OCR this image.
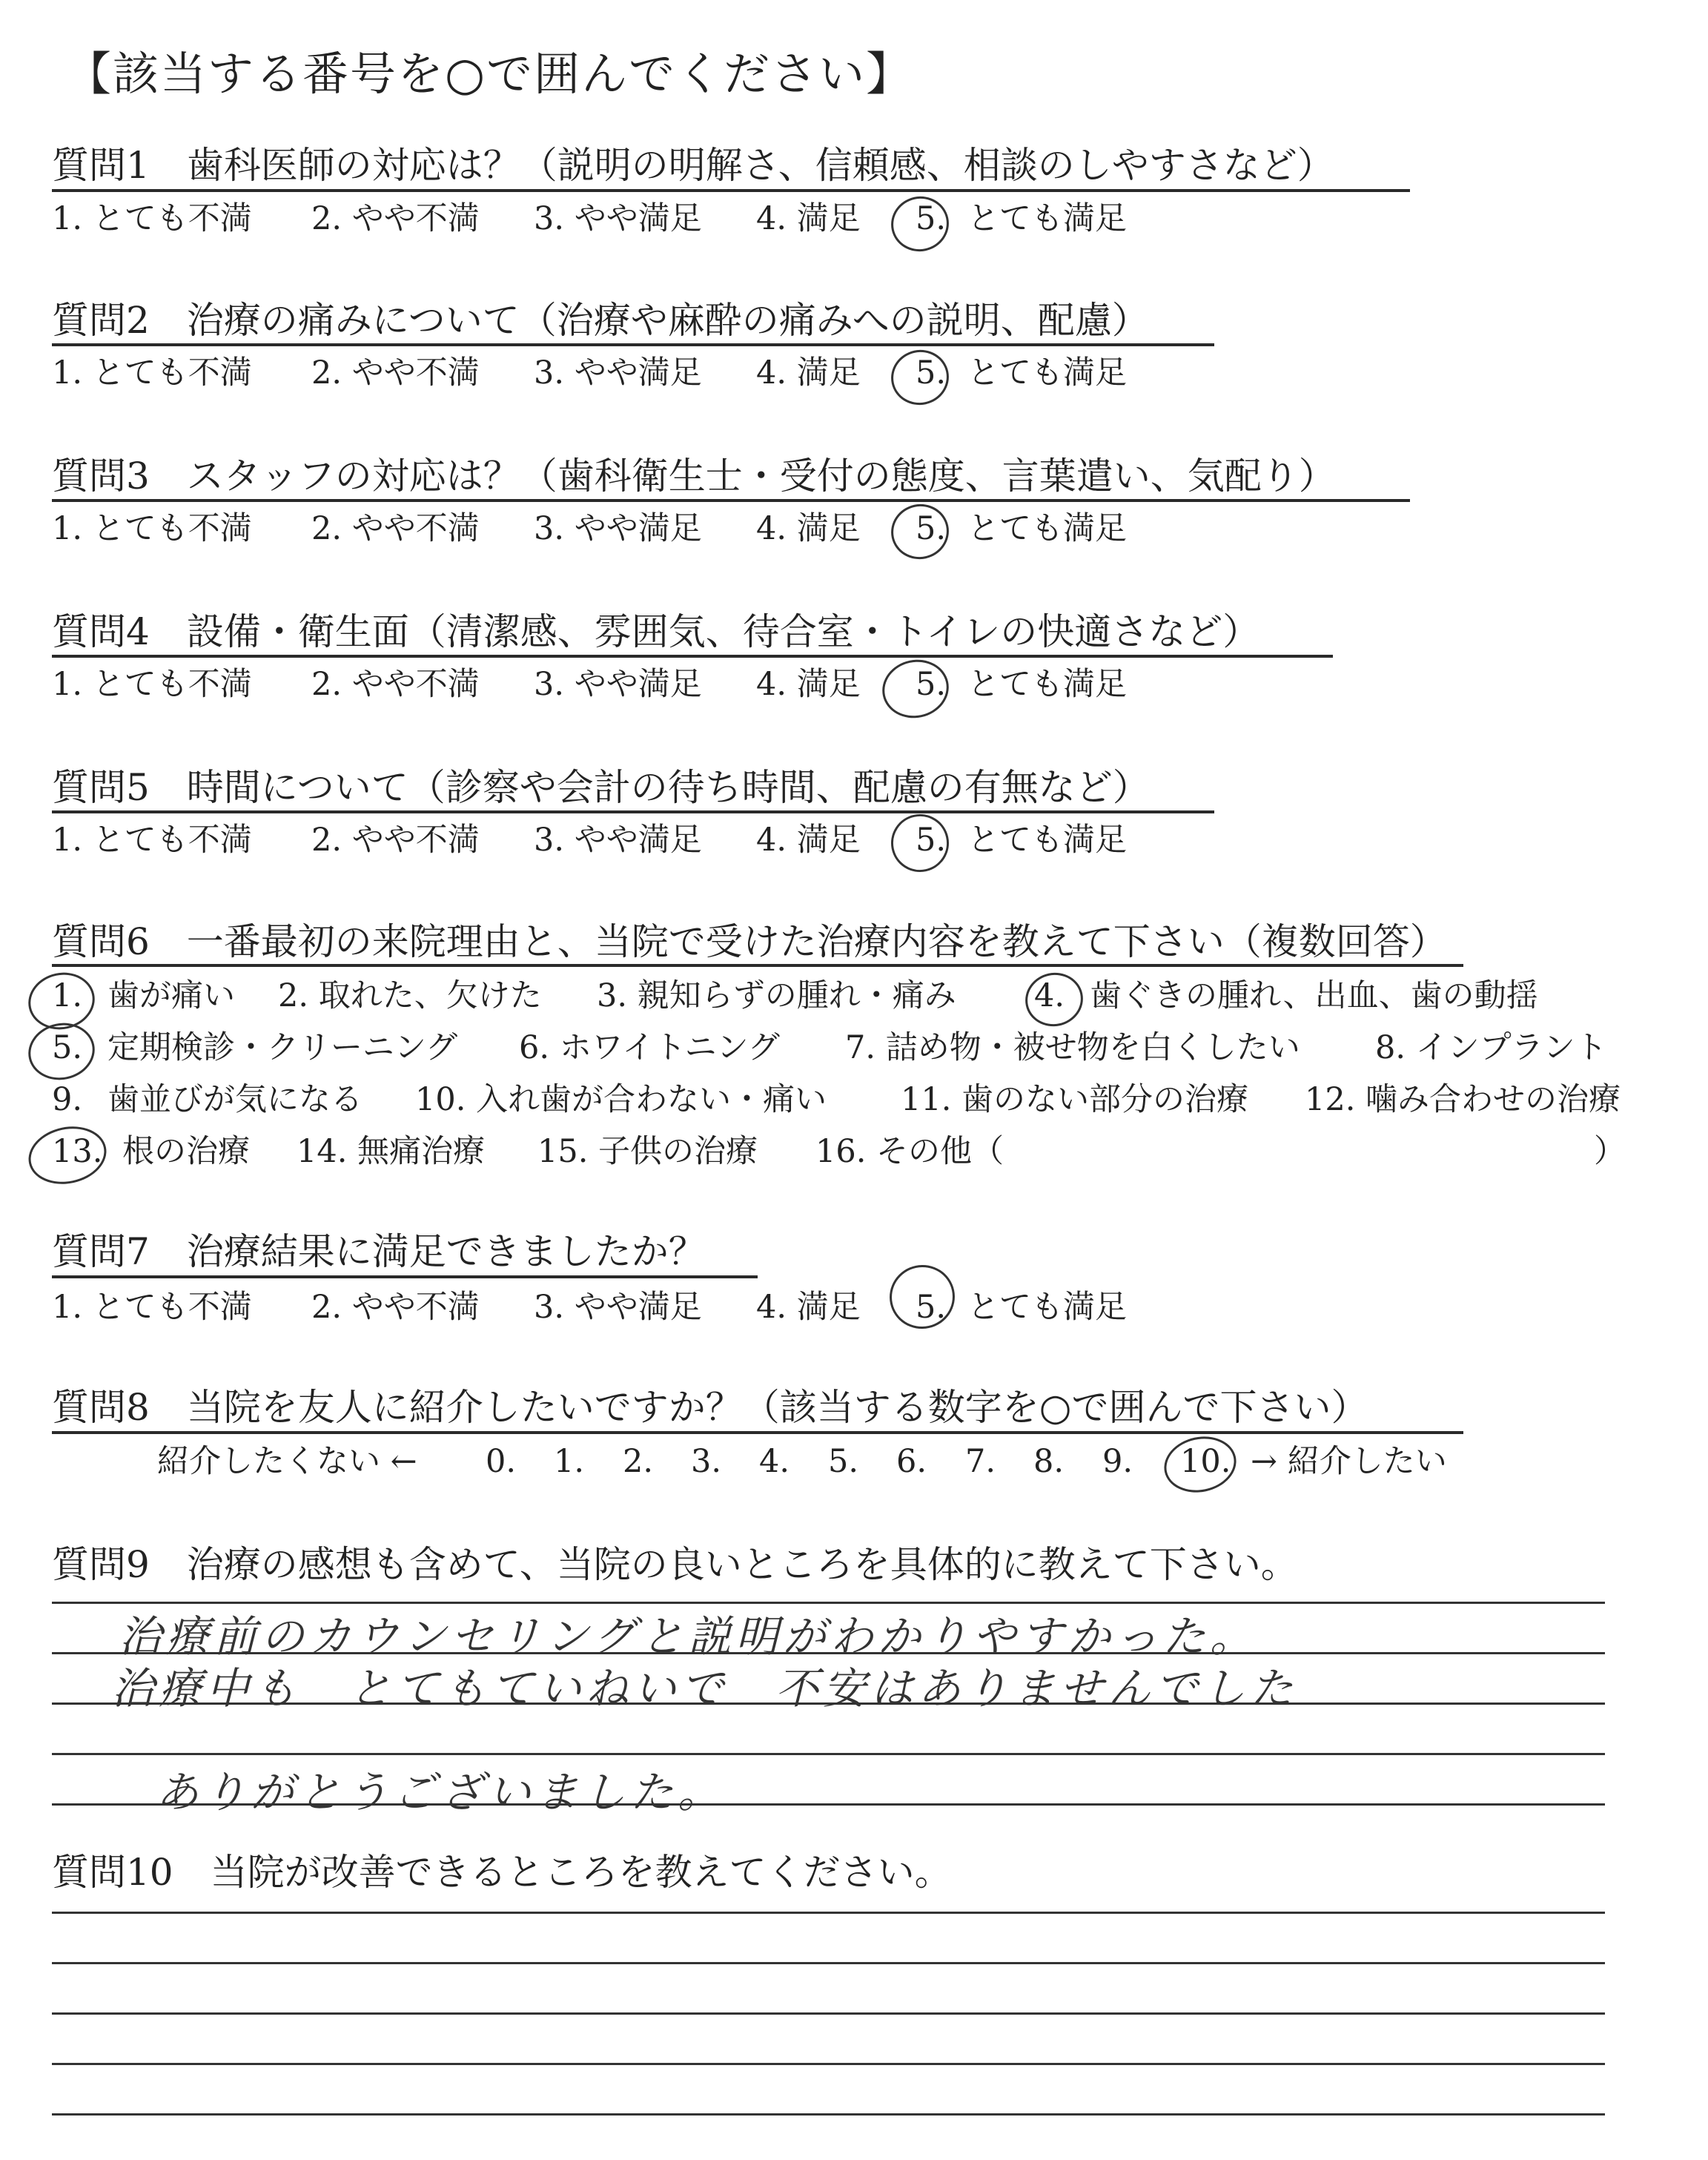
【該当する番号を○で囲んでください】
質問1　歯科医師の対応は？（説明の明解さ、信頼感、相談のしやすさなど）
1. とても不満 2. やや不満 3. やや満足 4. 満足 5. とても満足
質問2　治療の痛みについて（治療や麻酔の痛みへの説明、配慮）
1. とても不満 2. やや不満 3. やや満足 4. 満足 5. とても満足
質問3　スタッフの対応は？（歯科衛生士・受付の態度、言葉遣い、気配り）
1. とても不満 2. やや不満 3. やや満足 4. 満足 5. とても満足
質問4　設備・衛生面（清潔感、雰囲気、待合室・トイレの快適さなど）
1. とても不満 2. やや不満 3. やや満足 4. 満足 5. とても満足
質問5　時間について（診察や会計の待ち時間、配慮の有無など）
1. とても不満 2. やや不満 3. やや満足 4. 満足 5. とても満足
質問6　一番最初の来院理由と、当院で受けた治療内容を教えて下さい（複数回答）
1. 歯が痛い 2. 取れた、欠けた 3. 親知らずの腫れ・痛み 4. 歯ぐきの腫れ、出血、歯の動揺
5. 定期検診・クリーニング 6. ホワイトニング 7. 詰め物・被せ物を白くしたい 8. インプラント
9. 歯並びが気になる 10. 入れ歯が合わない・痛い 11. 歯のない部分の治療 12. 噛み合わせの治療
13. 根の治療 14. 無痛治療 15. 子供の治療 16. その他（	）
質問7　治療結果に満足できましたか？
1. とても不満 2. やや不満 3. やや満足 4. 満足 5. とても満足
質問8　当院を友人に紹介したいですか？（該当する数字を○で囲んで下さい）
紹介したくない ← 0. 1. 2. 3. 4. 5. 6. 7. 8. 9. 10. → 紹介したい
質問9　治療の感想も含めて、当院の良いところを具体的に教えて下さい。
治療前のカウンセリングと説明がわかりやすかった。
治療中も　とてもていねいで　不安はありませんでした
ありがとうございました。
質問10　当院が改善できるところを教えてください。
